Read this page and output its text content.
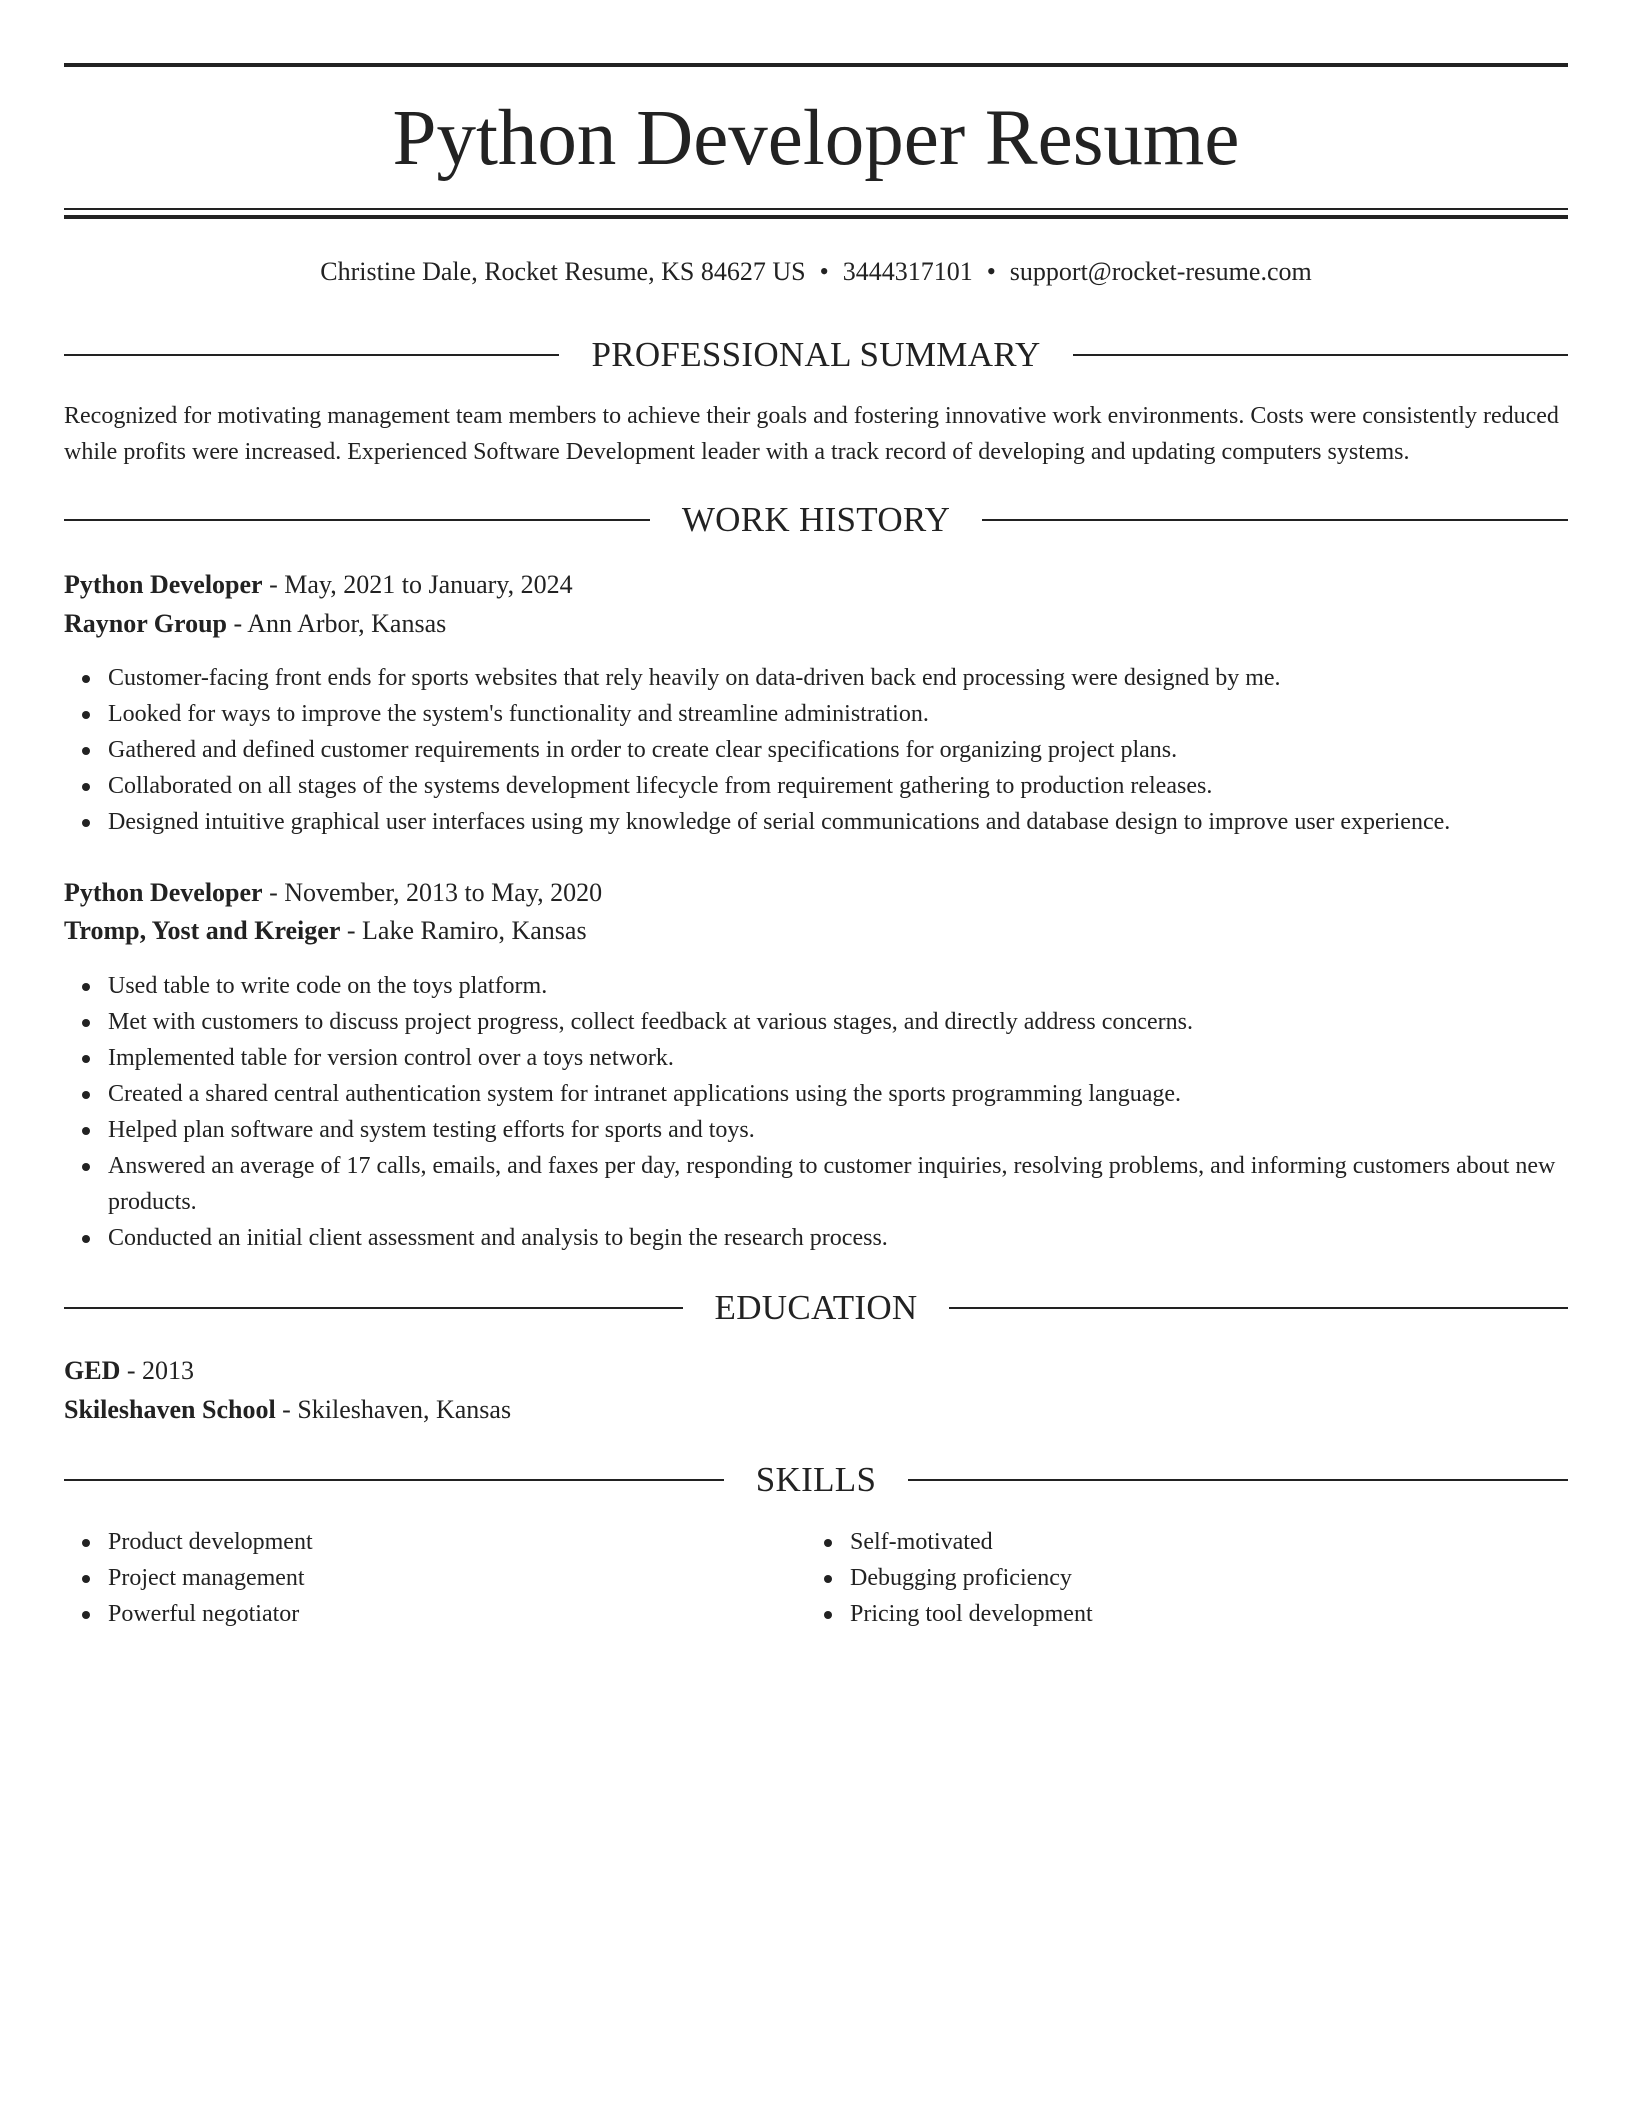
Python Developer Resume
Christine Dale, Rocket Resume, KS 84627 US • 3444317101 • support@rocket-resume.com
PROFESSIONAL SUMMARY

Recognized for motivating management team members to achieve their goals and fostering innovative work environments. Costs were consistently reduced while profits were increased. Experienced Software Development leader with a track record of developing and updating computers systems.

WORK HISTORY
Python Developer - May, 2021 to January, 2024
Raynor Group - Ann Arbor, Kansas
Customer-facing front ends for sports websites that rely heavily on data-driven back end processing were designed by me.
Looked for ways to improve the system's functionality and streamline administration.
Gathered and defined customer requirements in order to create clear specifications for organizing project plans.
Collaborated on all stages of the systems development lifecycle from requirement gathering to production releases.
Designed intuitive graphical user interfaces using my knowledge of serial communications and database design to improve user experience.
Python Developer - November, 2013 to May, 2020
Tromp, Yost and Kreiger - Lake Ramiro, Kansas
Used table to write code on the toys platform.
Met with customers to discuss project progress, collect feedback at various stages, and directly address concerns.
Implemented table for version control over a toys network.
Created a shared central authentication system for intranet applications using the sports programming language.
Helped plan software and system testing efforts for sports and toys.
Answered an average of 17 calls, emails, and faxes per day, responding to customer inquiries, resolving problems, and informing customers about new products.
Conducted an initial client assessment and analysis to begin the research process.
EDUCATION
GED - 2013
Skileshaven School - Skileshaven, Kansas
SKILLS
Product development
Project management
Powerful negotiator
Self-motivated
Debugging proficiency
Pricing tool development
